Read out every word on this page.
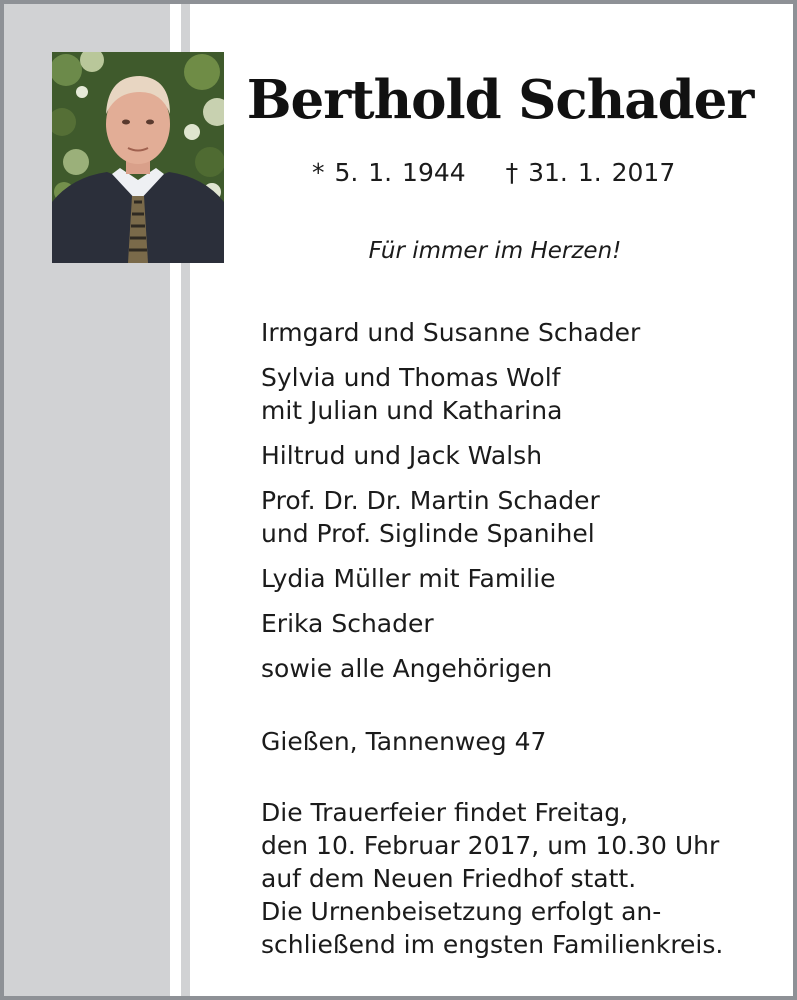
Berthold Schader
* 5. 1. 1944 † 31. 1. 2017
Für immer im Herzen!
Irmgard und Susanne Schader
Sylvia und Thomas Wolf
mit Julian und Katharina
Hiltrud und Jack Walsh
Prof. Dr. Dr. Martin Schader
und Prof. Siglinde Spanihel
Lydia Müller mit Familie
Erika Schader
sowie alle Angehörigen
Gießen, Tannenweg 47
Die Trauerfeier findet Freitag,
den 10. Februar 2017, um 10.30 Uhr
auf dem Neuen Friedhof statt.
Die Urnenbeisetzung erfolgt an-
schließend im engsten Familienkreis.
